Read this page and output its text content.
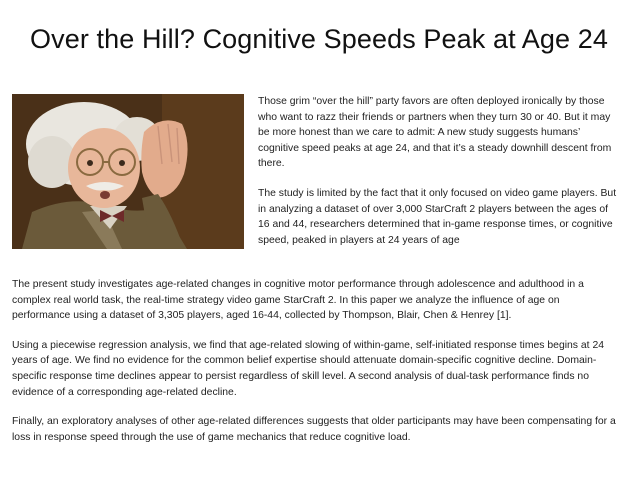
Over the Hill? Cognitive Speeds Peak at Age 24

Those grim “over the hill” party favors are often deployed ironically by those who want to razz their friends or partners when they turn 30 or 40. But it may be more honest than we care to admit: A new study suggests humans’ cognitive speed peaks at age 24, and that it’s a steady downhill descent from there.

The study is limited by the fact that it only focused on video game players. But in analyzing a dataset of over 3,000 StarCraft 2 players between the ages of 16 and 44, researchers determined that in-game response times, or cognitive speed, peaked in players at 24 years of age

The present study investigates age-related changes in cognitive motor performance through adolescence and adulthood in a complex real world task, the real-time strategy video game StarCraft 2. In this paper we analyze the influence of age on performance using a dataset of 3,305 players, aged 16-44, collected by Thompson, Blair, Chen & Henrey [1].

Using a piecewise regression analysis, we find that age-related slowing of within-game, self-initiated response times begins at 24 years of age. We find no evidence for the common belief expertise should attenuate domain-specific cognitive decline. Domain-specific response time declines appear to persist regardless of skill level. A second analysis of dual-task performance finds no evidence of a corresponding age-related decline.

Finally, an exploratory analyses of other age-related differences suggests that older participants may have been compensating for a loss in response speed through the use of game mechanics that reduce cognitive load.
